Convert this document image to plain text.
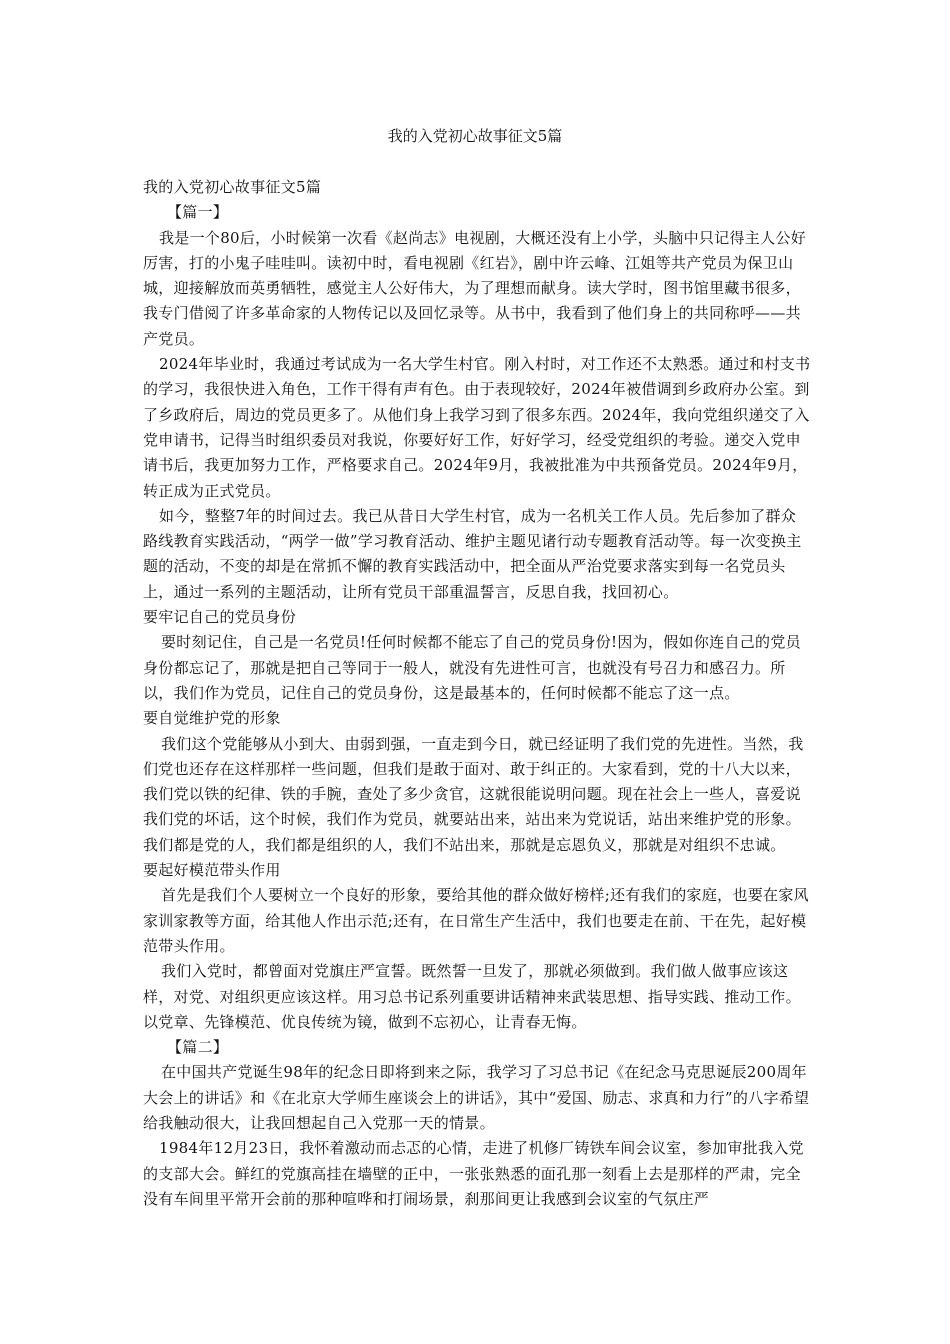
我的入党初心故事征文5篇

我的入党初心故事征文5篇

【篇一】

我是一个80后，小时候第一次看《赵尚志》电视剧，大概还没有上小学，头脑中只记得主人公好厉害，打的小鬼子哇哇叫。读初中时，看电视剧《红岩》，剧中许云峰、江姐等共产党员为保卫山城，迎接解放而英勇牺牲，感觉主人公好伟大，为了理想而献身。读大学时，图书馆里藏书很多，我专门借阅了许多革命家的人物传记以及回忆录等。从书中，我看到了他们身上的共同称呼——共产党员。

2024年毕业时，我通过考试成为一名大学生村官。刚入村时，对工作还不太熟悉。通过和村支书的学习，我很快进入角色，工作干得有声有色。由于表现较好，2024年被借调到乡政府办公室。到了乡政府后，周边的党员更多了。从他们身上我学习到了很多东西。2024年，我向党组织递交了入党申请书，记得当时组织委员对我说，你要好好工作，好好学习，经受党组织的考验。递交入党申请书后，我更加努力工作，严格要求自己。2024年9月，我被批准为中共预备党员。2024年9月，转正成为正式党员。

如今，整整7年的时间过去。我已从昔日大学生村官，成为一名机关工作人员。先后参加了群众路线教育实践活动，“两学一做”学习教育活动、维护主题见诸行动专题教育活动等。每一次变换主题的活动，不变的却是在常抓不懈的教育实践活动中，把全面从严治党要求落实到每一名党员头上，通过一系列的主题活动，让所有党员干部重温誓言，反思自我，找回初心。

要牢记自己的党员身份

要时刻记住，自己是一名党员!任何时候都不能忘了自己的党员身份!因为，假如你连自己的党员身份都忘记了，那就是把自己等同于一般人，就没有先进性可言，也就没有号召力和感召力。所以，我们作为党员，记住自己的党员身份，这是最基本的，任何时候都不能忘了这一点。

要自觉维护党的形象

我们这个党能够从小到大、由弱到强，一直走到今日，就已经证明了我们党的先进性。当然，我们党也还存在这样那样一些问题，但我们是敢于面对、敢于纠正的。大家看到，党的十八大以来，我们党以铁的纪律、铁的手腕，查处了多少贪官，这就很能说明问题。现在社会上一些人，喜爱说我们党的坏话，这个时候，我们作为党员，就要站出来，站出来为党说话，站出来维护党的形象。我们都是党的人，我们都是组织的人，我们不站出来，那就是忘恩负义，那就是对组织不忠诚。

要起好模范带头作用

首先是我们个人要树立一个良好的形象，要给其他的群众做好榜样;还有我们的家庭，也要在家风家训家教等方面，给其他人作出示范;还有，在日常生产生活中，我们也要走在前、干在先，起好模范带头作用。

我们入党时，都曾面对党旗庄严宣誓。既然誓一旦发了，那就必须做到。我们做人做事应该这样，对党、对组织更应该这样。用习总书记系列重要讲话精神来武装思想、指导实践、推动工作。以党章、先锋模范、优良传统为镜，做到不忘初心，让青春无悔。

【篇二】

在中国共产党诞生98年的纪念日即将到来之际，我学习了习总书记《在纪念马克思诞辰200周年大会上的讲话》和《在北京大学师生座谈会上的讲话》，其中“爱国、励志、求真和力行”的八字希望给我触动很大，让我回想起自己入党那一天的情景。

1984年12月23日，我怀着激动而忐忑的心情，走进了机修厂铸铁车间会议室，参加审批我入党的支部大会。鲜红的党旗高挂在墙壁的正中，一张张熟悉的面孔那一刻看上去是那样的严肃，完全没有车间里平常开会前的那种喧哗和打闹场景，刹那间更让我感到会议室的气氛庄严
